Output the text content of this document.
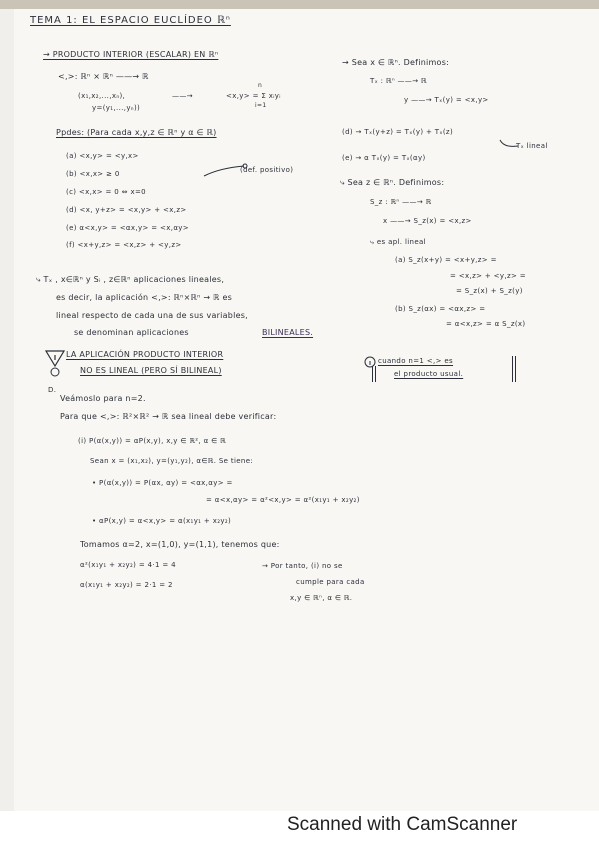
TEMA 1: EL ESPACIO EUCLÍDEO ℝⁿ
→ PRODUCTO INTERIOR (ESCALAR) EN ℝⁿ
<,>: ℝⁿ × ℝⁿ ——→ ℝ
(x₁,x₂,...,xₙ),	——→	<x,y> = Σ xᵢyᵢ
n
i=1
y=(y₁,...,yₙ))
Ppdes: (Para cada x,y,z ∈ ℝⁿ y α ∈ ℝ)
(a) <x,y> = <y,x>
(b) <x,x> ≥ 0
(c) <x,x> = 0 ⇔ x=0
(d) <x, y+z> = <x,y> + <x,z>
(e) α<x,y> = <αx,y> = <x,αy>
(f) <x+y,z> = <x,z> + <y,z>
(def. positivo)
⤷ Tₓ , x∈ℝⁿ y Sᵢ , z∈ℝⁿ aplicaciones lineales,
es decir, la aplicación <,>: ℝⁿ×ℝⁿ → ℝ es
lineal respecto de cada una de sus variables,
se denominan aplicaciones	BILINEALES.
→ Sea x ∈ ℝⁿ. Definimos:
Tₓ : ℝⁿ ——→ ℝ
y ——→ Tₓ(y) = <x,y>
(d) → Tₓ(y+z) = Tₓ(y) + Tₓ(z)
Tₓ lineal
(e) → α Tₓ(y) = Tₓ(αy)
⤷ Sea z ∈ ℝⁿ. Definimos:
S_z : ℝⁿ ——→ ℝ
x ——→ S_z(x) = <x,z>
⤷ es apl. lineal
(a) S_z(x+y) = <x+y,z> =
= <x,z> + <y,z> =
= S_z(x) + S_z(y)
(b) S_z(αx) = <αx,z> =
= α<x,z> = α S_z(x)
LA APLICACIÓN PRODUCTO INTERIOR
NO ES LINEAL (PERO SÍ BILINEAL)
cuando n=1 <,> es
el producto usual.
D.
Veámoslo para n=2.
Para que <,>: ℝ²×ℝ² → ℝ sea lineal debe verificar:
(i) P(α(x,y)) = αP(x,y), x,y ∈ ℝ², α ∈ ℝ
Sean x = (x₁,x₂), y=(y₁,y₂), α∈ℝ. Se tiene:
• P(α(x,y)) = P(αx, αy) = <αx,αy> =
= α<x,αy> = α²<x,y> = α²(x₁y₁ + x₂y₂)
• αP(x,y) = α<x,y> = α(x₁y₁ + x₂y₂)
Tomamos α=2, x=(1,0), y=(1,1), tenemos que:
α²(x₁y₁ + x₂y₂) = 4·1 = 4
α(x₁y₁ + x₂y₂) = 2·1 = 2
→ Por tanto, (i) no se
cumple para cada
x,y ∈ ℝⁿ, α ∈ ℝ.
Scanned with CamScanner
